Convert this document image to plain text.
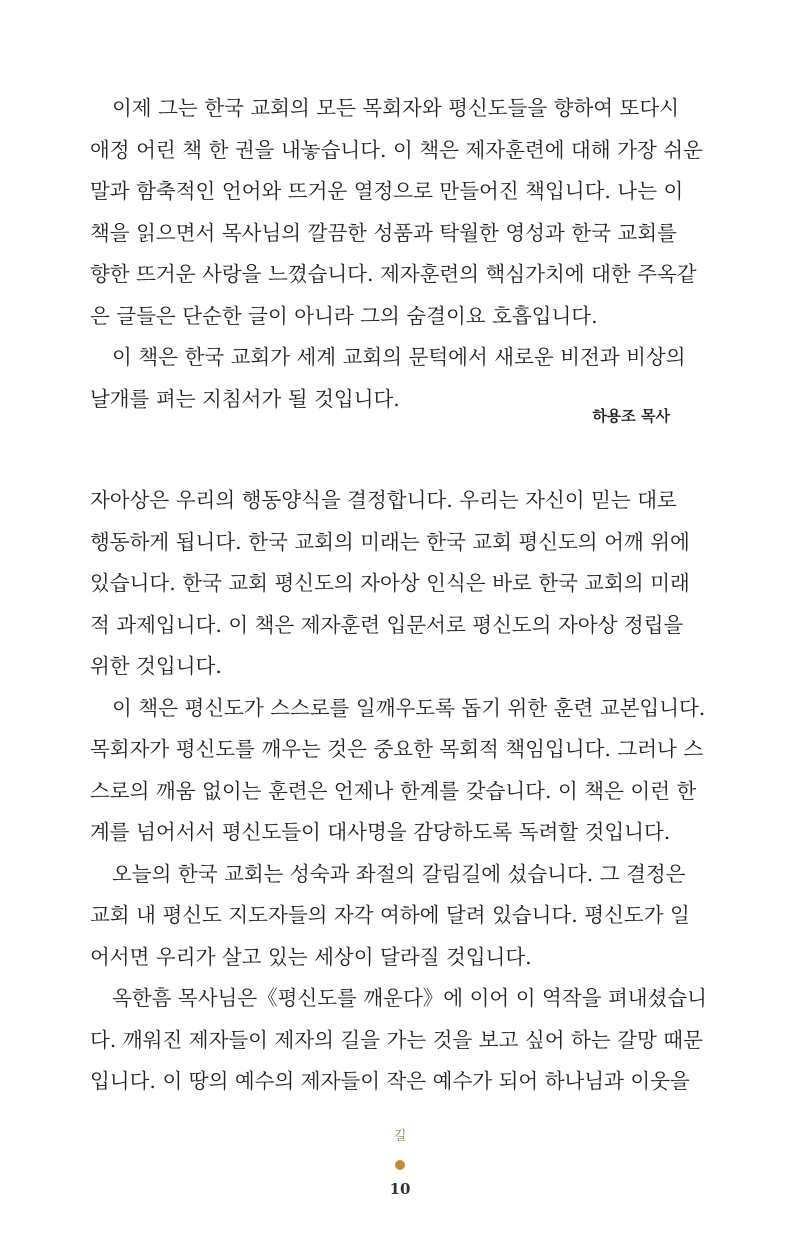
이제 그는 한국 교회의 모든 목회자와 평신도들을 향하여 또다시
애정 어린 책 한 권을 내놓습니다. 이 책은 제자훈련에 대해 가장 쉬운
말과 함축적인 언어와 뜨거운 열정으로 만들어진 책입니다. 나는 이
책을 읽으면서 목사님의 깔끔한 성품과 탁월한 영성과 한국 교회를
향한 뜨거운 사랑을 느꼈습니다. 제자훈련의 핵심가치에 대한 주옥같
은 글들은 단순한 글이 아니라 그의 숨결이요 호흡입니다.
이 책은 한국 교회가 세계 교회의 문턱에서 새로운 비전과 비상의
날개를 펴는 지침서가 될 것입니다.
하용조 목사
자아상은 우리의 행동양식을 결정합니다. 우리는 자신이 믿는 대로
행동하게 됩니다. 한국 교회의 미래는 한국 교회 평신도의 어깨 위에
있습니다. 한국 교회 평신도의 자아상 인식은 바로 한국 교회의 미래
적 과제입니다. 이 책은 제자훈련 입문서로 평신도의 자아상 정립을
위한 것입니다.
이 책은 평신도가 스스로를 일깨우도록 돕기 위한 훈련 교본입니다.
목회자가 평신도를 깨우는 것은 중요한 목회적 책임입니다. 그러나 스
스로의 깨움 없이는 훈련은 언제나 한계를 갖습니다. 이 책은 이런 한
계를 넘어서서 평신도들이 대사명을 감당하도록 독려할 것입니다.
오늘의 한국 교회는 성숙과 좌절의 갈림길에 섰습니다. 그 결정은
교회 내 평신도 지도자들의 자각 여하에 달려 있습니다. 평신도가 일
어서면 우리가 살고 있는 세상이 달라질 것입니다.
옥한흠 목사님은《평신도를 깨운다》에 이어 이 역작을 펴내셨습니
다. 깨워진 제자들이 제자의 길을 가는 것을 보고 싶어 하는 갈망 때문
입니다. 이 땅의 예수의 제자들이 작은 예수가 되어 하나님과 이웃을
길
10
